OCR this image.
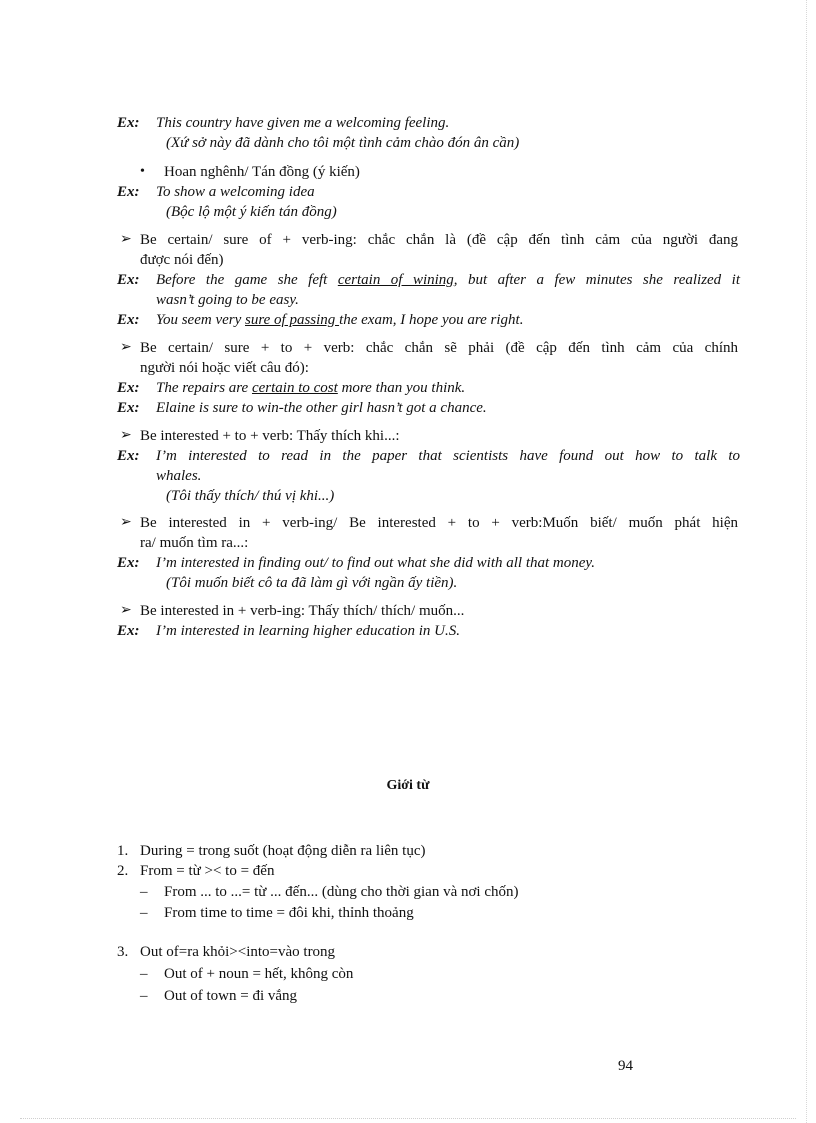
Ex: This country have given me a welcoming feeling.
(Xứ sở này đã dành cho tôi một tình cảm chào đón ân cần)
• Hoan nghênh/ Tán đồng (ý kiến)
Ex: To show a welcoming idea
(Bộc lộ một ý kiến tán đồng)
➢ Be certain/ sure of + verb-ing: chắc chắn là (đề cập đến tình cảm của người đang
được nói đến)
Ex: Before the game she feft certain of wining, but after a few minutes she realized it
wasn’t going to be easy.
Ex: You seem very sure of passing the exam, I hope you are right.
➢ Be certain/ sure + to + verb: chắc chắn sẽ phải (đề cập đến tình cảm của chính
người nói hoặc viết câu đó):
Ex: The repairs are certain to cost more than you think.
Ex: Elaine is sure to win-the other girl hasn’t got a chance.
➢ Be interested + to + verb: Thấy thích khi...:
Ex: I’m interested to read in the paper that scientists have found out how to talk to
whales.
(Tôi thấy thích/ thú vị khi...)
➢ Be interested in + verb-ing/ Be interested + to + verb:Muốn biết/ muốn phát hiện
ra/ muốn tìm ra...:
Ex: I’m interested in finding out/ to find out what she did with all that money.
(Tôi muốn biết cô ta đã làm gì với ngần ấy tiền).
➢ Be interested in + verb-ing: Thấy thích/ thích/ muốn...
Ex: I’m interested in learning higher education in U.S.
Giới từ
1. During = trong suốt (hoạt động diễn ra liên tục)
2. From = từ >< to = đến
– From ... to ...= từ ... đến... (dùng cho thời gian và nơi chốn)
– From time to time = đôi khi, thỉnh thoảng
3. Out of=ra khỏi><into=vào trong
– Out of + noun = hết, không còn
– Out of town = đi vắng
94
